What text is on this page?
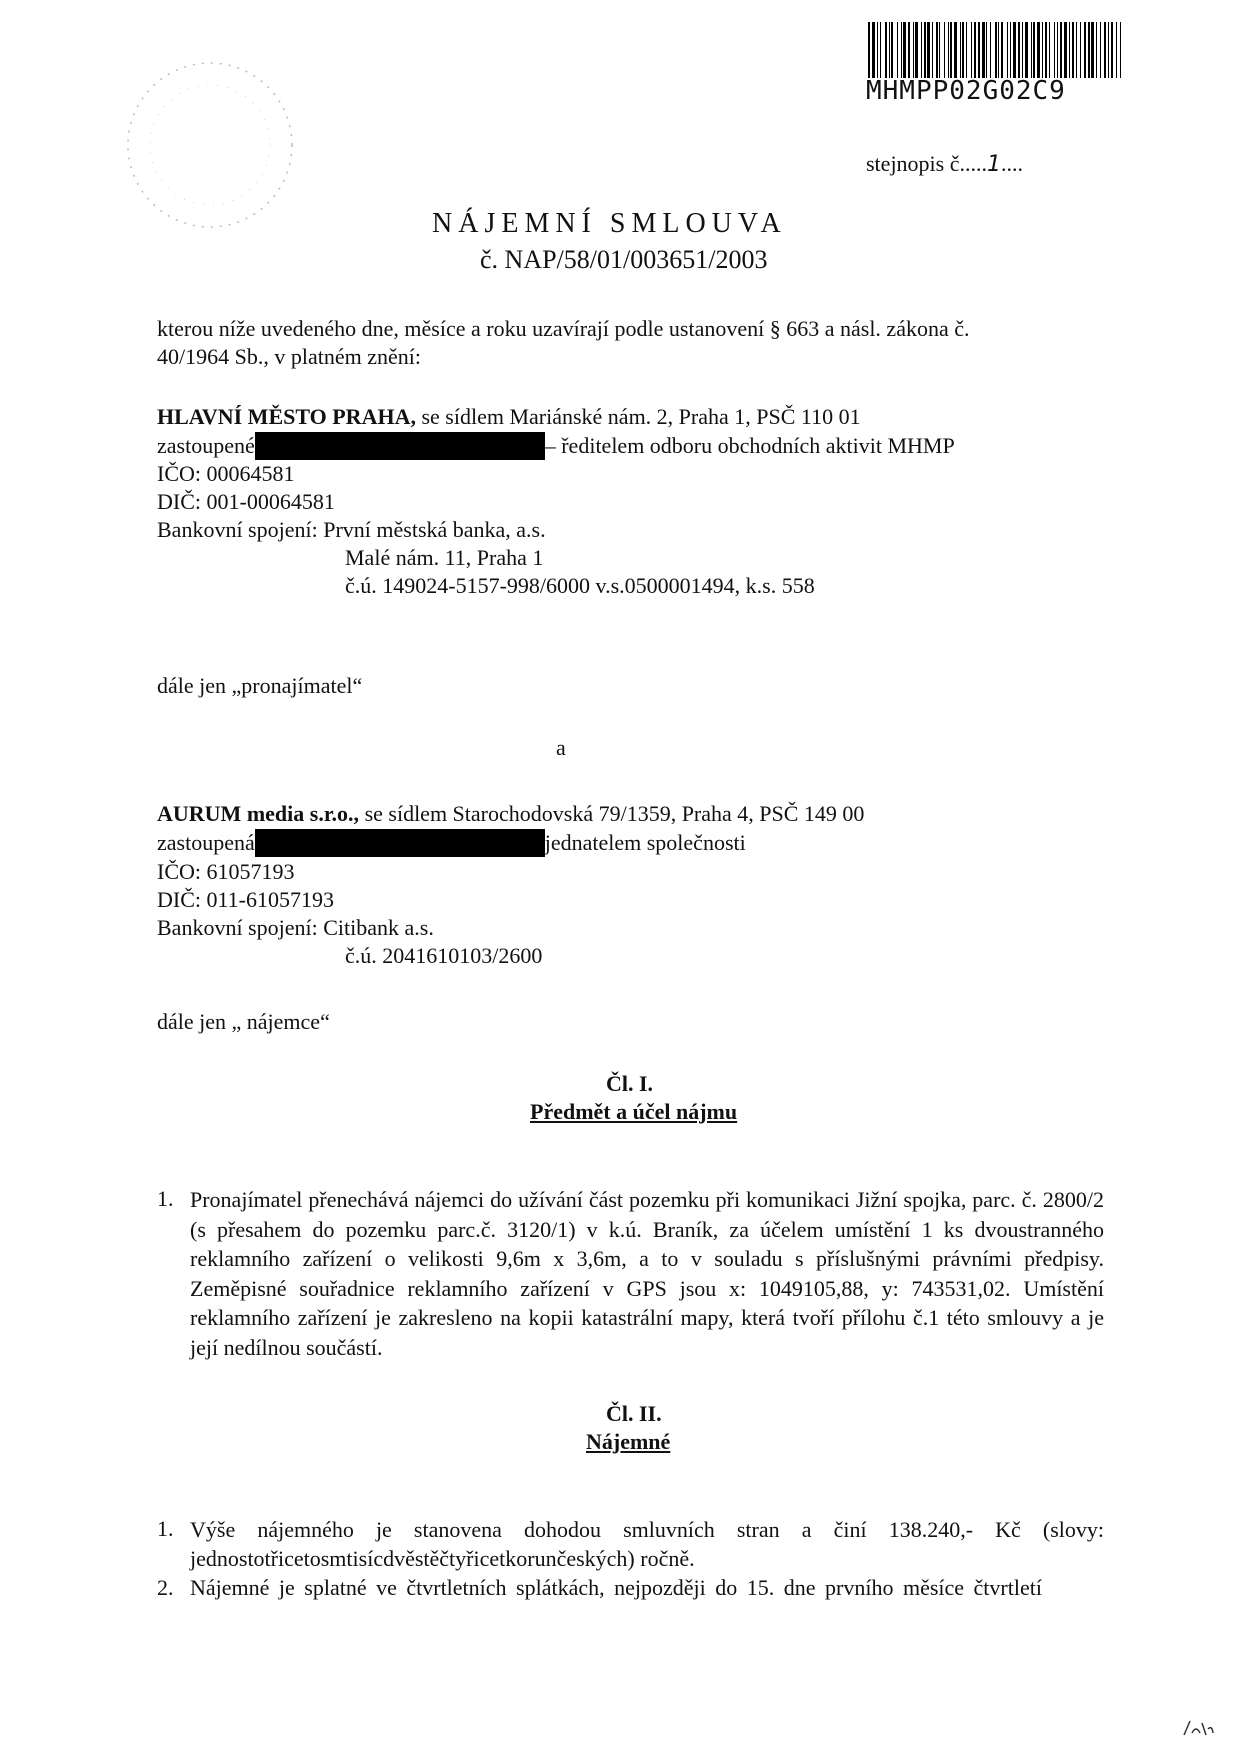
MHMPP02G02C9
stejnopis č.....1....
NÁJEMNÍ SMLOUVA
č. NAP/58/01/003651/2003
kterou níže uvedeného dne, měsíce a roku uzavírají podle ustanovení § 663 a násl. zákona č.
40/1964 Sb., v platném znění:
HLAVNÍ MĚSTO PRAHA, se sídlem Mariánské nám. 2, Praha 1, PSČ 110 01
zastoupené	– ředitelem odboru obchodních aktivit MHMP
IČO: 00064581
DIČ: 001-00064581
Bankovní spojení: První městská banka, a.s.
Malé nám. 11, Praha 1
č.ú. 149024-5157-998/6000 v.s.0500001494, k.s. 558
dále jen „pronajímatel“
a
AURUM media s.r.o., se sídlem Starochodovská 79/1359, Praha 4, PSČ 149 00
zastoupená	jednatelem společnosti
IČO: 61057193
DIČ: 011-61057193
Bankovní spojení: Citibank a.s.
č.ú. 2041610103/2600
dále jen „ nájemce“
Čl. I.
Předmět a účel nájmu
1. Pronajímatel přenechává nájemci do užívání část pozemku při komunikaci Jižní spojka, parc. č. 2800/2 (s přesahem do pozemku parc.č. 3120/1) v k.ú. Braník, za účelem umístění 1 ks dvoustranného reklamního zařízení o velikosti 9,6m x 3,6m, a to v souladu s příslušnými právními předpisy. Zeměpisné souřadnice reklamního zařízení v GPS jsou x: 1049105,88, y: 743531,02. Umístění reklamního zařízení je zakresleno na kopii katastrální mapy, která tvoří přílohu č.1 této smlouvy a je její nedílnou součástí.
Čl. II.
Nájemné
1. Výše nájemného je stanovena dohodou smluvních stran a činí 138.240,- Kč (slovy: jednostotřicetosmtisícdvěstěčtyřicetkorunčeských) ročně.
2. Nájemné je splatné ve čtvrtletních splátkách, nejpozději do 15. dne prvního měsíce čtvrtletí
